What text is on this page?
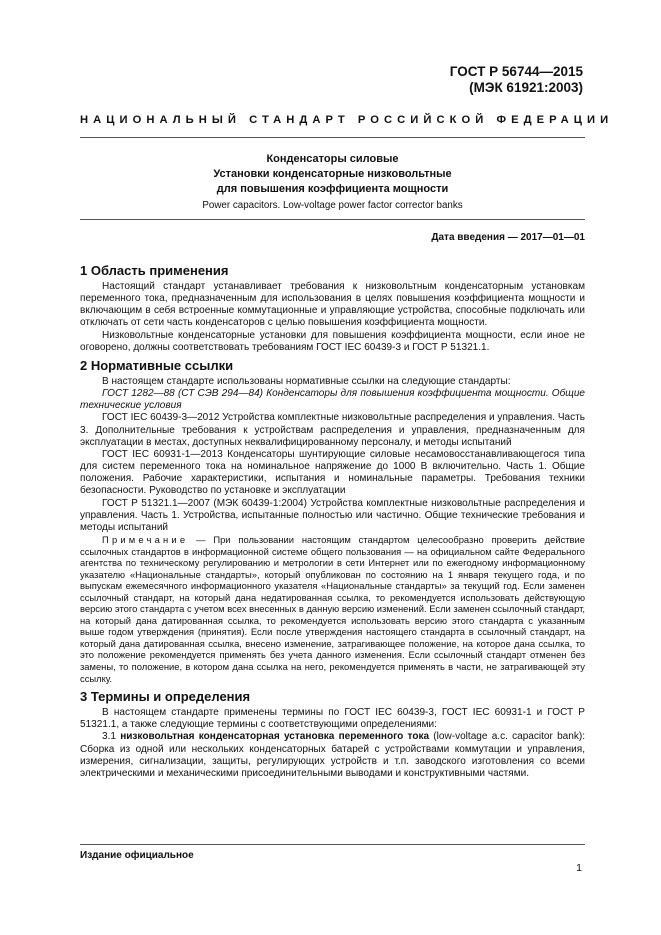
ГОСТ Р 56744—2015
(МЭК 61921:2003)
НАЦИОНАЛЬНЫЙ СТАНДАРТ РОССИЙСКОЙ ФЕДЕРАЦИИ
Конденсаторы силовые
Установки конденсаторные низковольтные
для повышения коэффициента мощности
Power capacitors. Low-voltage power factor corrector banks
Дата введения — 2017—01—01
1 Область применения

Настоящий стандарт устанавливает требования к низковольтным конденсаторным установкам переменного тока, предназначенным для использования в целях повышения коэффициента мощности и включающим в себя встроенные коммутационные и управляющие устройства, способные подключать или отключать от сети часть конденсаторов с целью повышения коэффициента мощности.

Низковольтные конденсаторные установки для повышения коэффициента мощности, если иное не оговорено, должны соответствовать требованиям ГОСТ IEC 60439-3 и ГОСТ Р 51321.1.

2 Нормативные ссылки

В настоящем стандарте использованы нормативные ссылки на следующие стандарты:

ГОСТ 1282—88 (СТ СЭВ 294—84) Конденсаторы для повышения коэффициента мощности. Общие технические условия

ГОСТ IEC 60439-3—2012 Устройства комплектные низковольтные распределения и управления. Часть 3. Дополнительные требования к устройствам распределения и управления, предназначенным для эксплуатации в местах, доступных неквалифицированному персоналу, и методы испытаний

ГОСТ IEC 60931-1—2013 Конденсаторы шунтирующие силовые несамовосстанавливающегося типа для систем переменного тока на номинальное напряжение до 1000 В включительно. Часть 1. Общие положения. Рабочие характеристики, испытания и номинальные параметры. Требования техники безопасности. Руководство по установке и эксплуатации

ГОСТ Р 51321.1—2007 (МЭК 60439-1:2004) Устройства комплектные низковольтные распределения и управления. Часть 1. Устройства, испытанные полностью или частично. Общие технические требования и методы испытаний

Примечание — При пользовании настоящим стандартом целесообразно проверить действие ссылочных стандартов в информационной системе общего пользования — на официальном сайте Федерального агентства по техническому регулированию и метрологии в сети Интернет или по ежегодному информационному указателю «Национальные стандарты», который опубликован по состоянию на 1 января текущего года, и по выпускам ежемесячного информационного указателя «Национальные стандарты» за текущий год. Если заменен ссылочный стандарт, на который дана недатированная ссылка, то рекомендуется использовать действующую версию этого стандарта с учетом всех внесенных в данную версию изменений. Если заменен ссылочный стандарт, на который дана датированная ссылка, то рекомендуется использовать версию этого стандарта с указанным выше годом утверждения (принятия). Если после утверждения настоящего стандарта в ссылочный стандарт, на который дана датированная ссылка, внесено изменение, затрагивающее положение, на которое дана ссылка, то это положение рекомендуется применять без учета данного изменения. Если ссылочный стандарт отменен без замены, то положение, в котором дана ссылка на него, рекомендуется применять в части, не затрагивающей эту ссылку.

3 Термины и определения

В настоящем стандарте применены термины по ГОСТ IEC 60439-3, ГОСТ IEC 60931-1 и ГОСТ Р 51321.1, а также следующие термины с соответствующими определениями:

3.1 низковольтная конденсаторная установка переменного тока (low-voltage a.c. capacitor bank): Сборка из одной или нескольких конденсаторных батарей с устройствами коммутации и управления, измерения, сигнализации, защиты, регулирующих устройств и т.п. заводского изготовления со всеми электрическими и механическими присоединительными выводами и конструктивными частями.

Издание официальное
1
